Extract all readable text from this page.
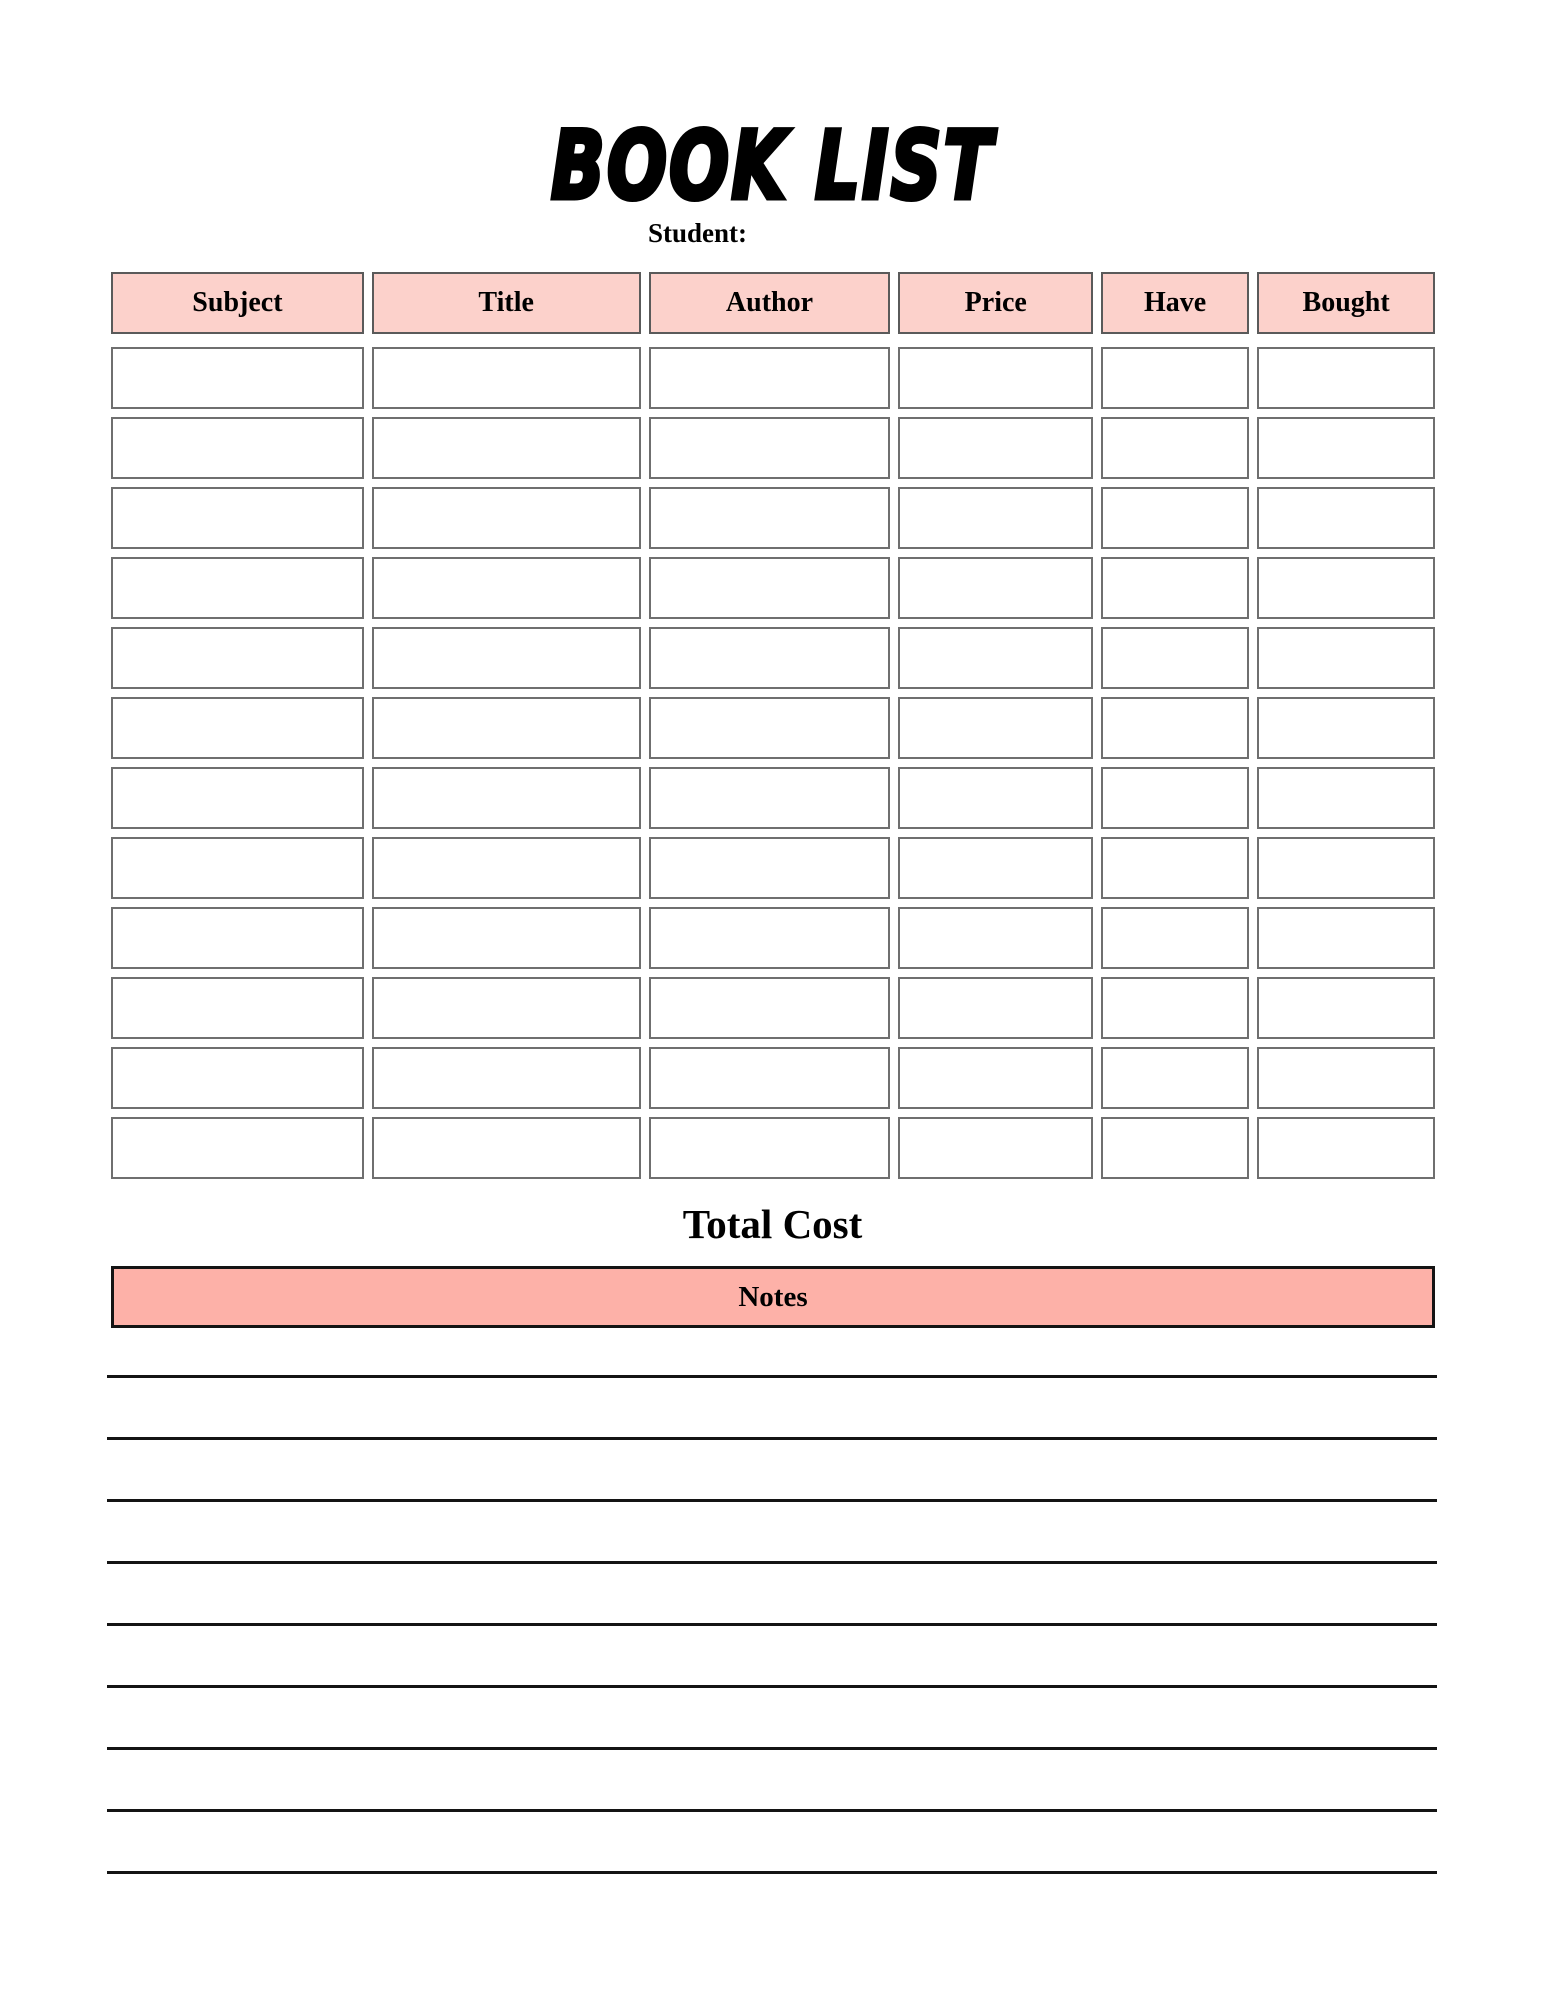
BOOK LIST
Student:
Subject	Title	Author	Price	Have	Bought
Total Cost
Notes
